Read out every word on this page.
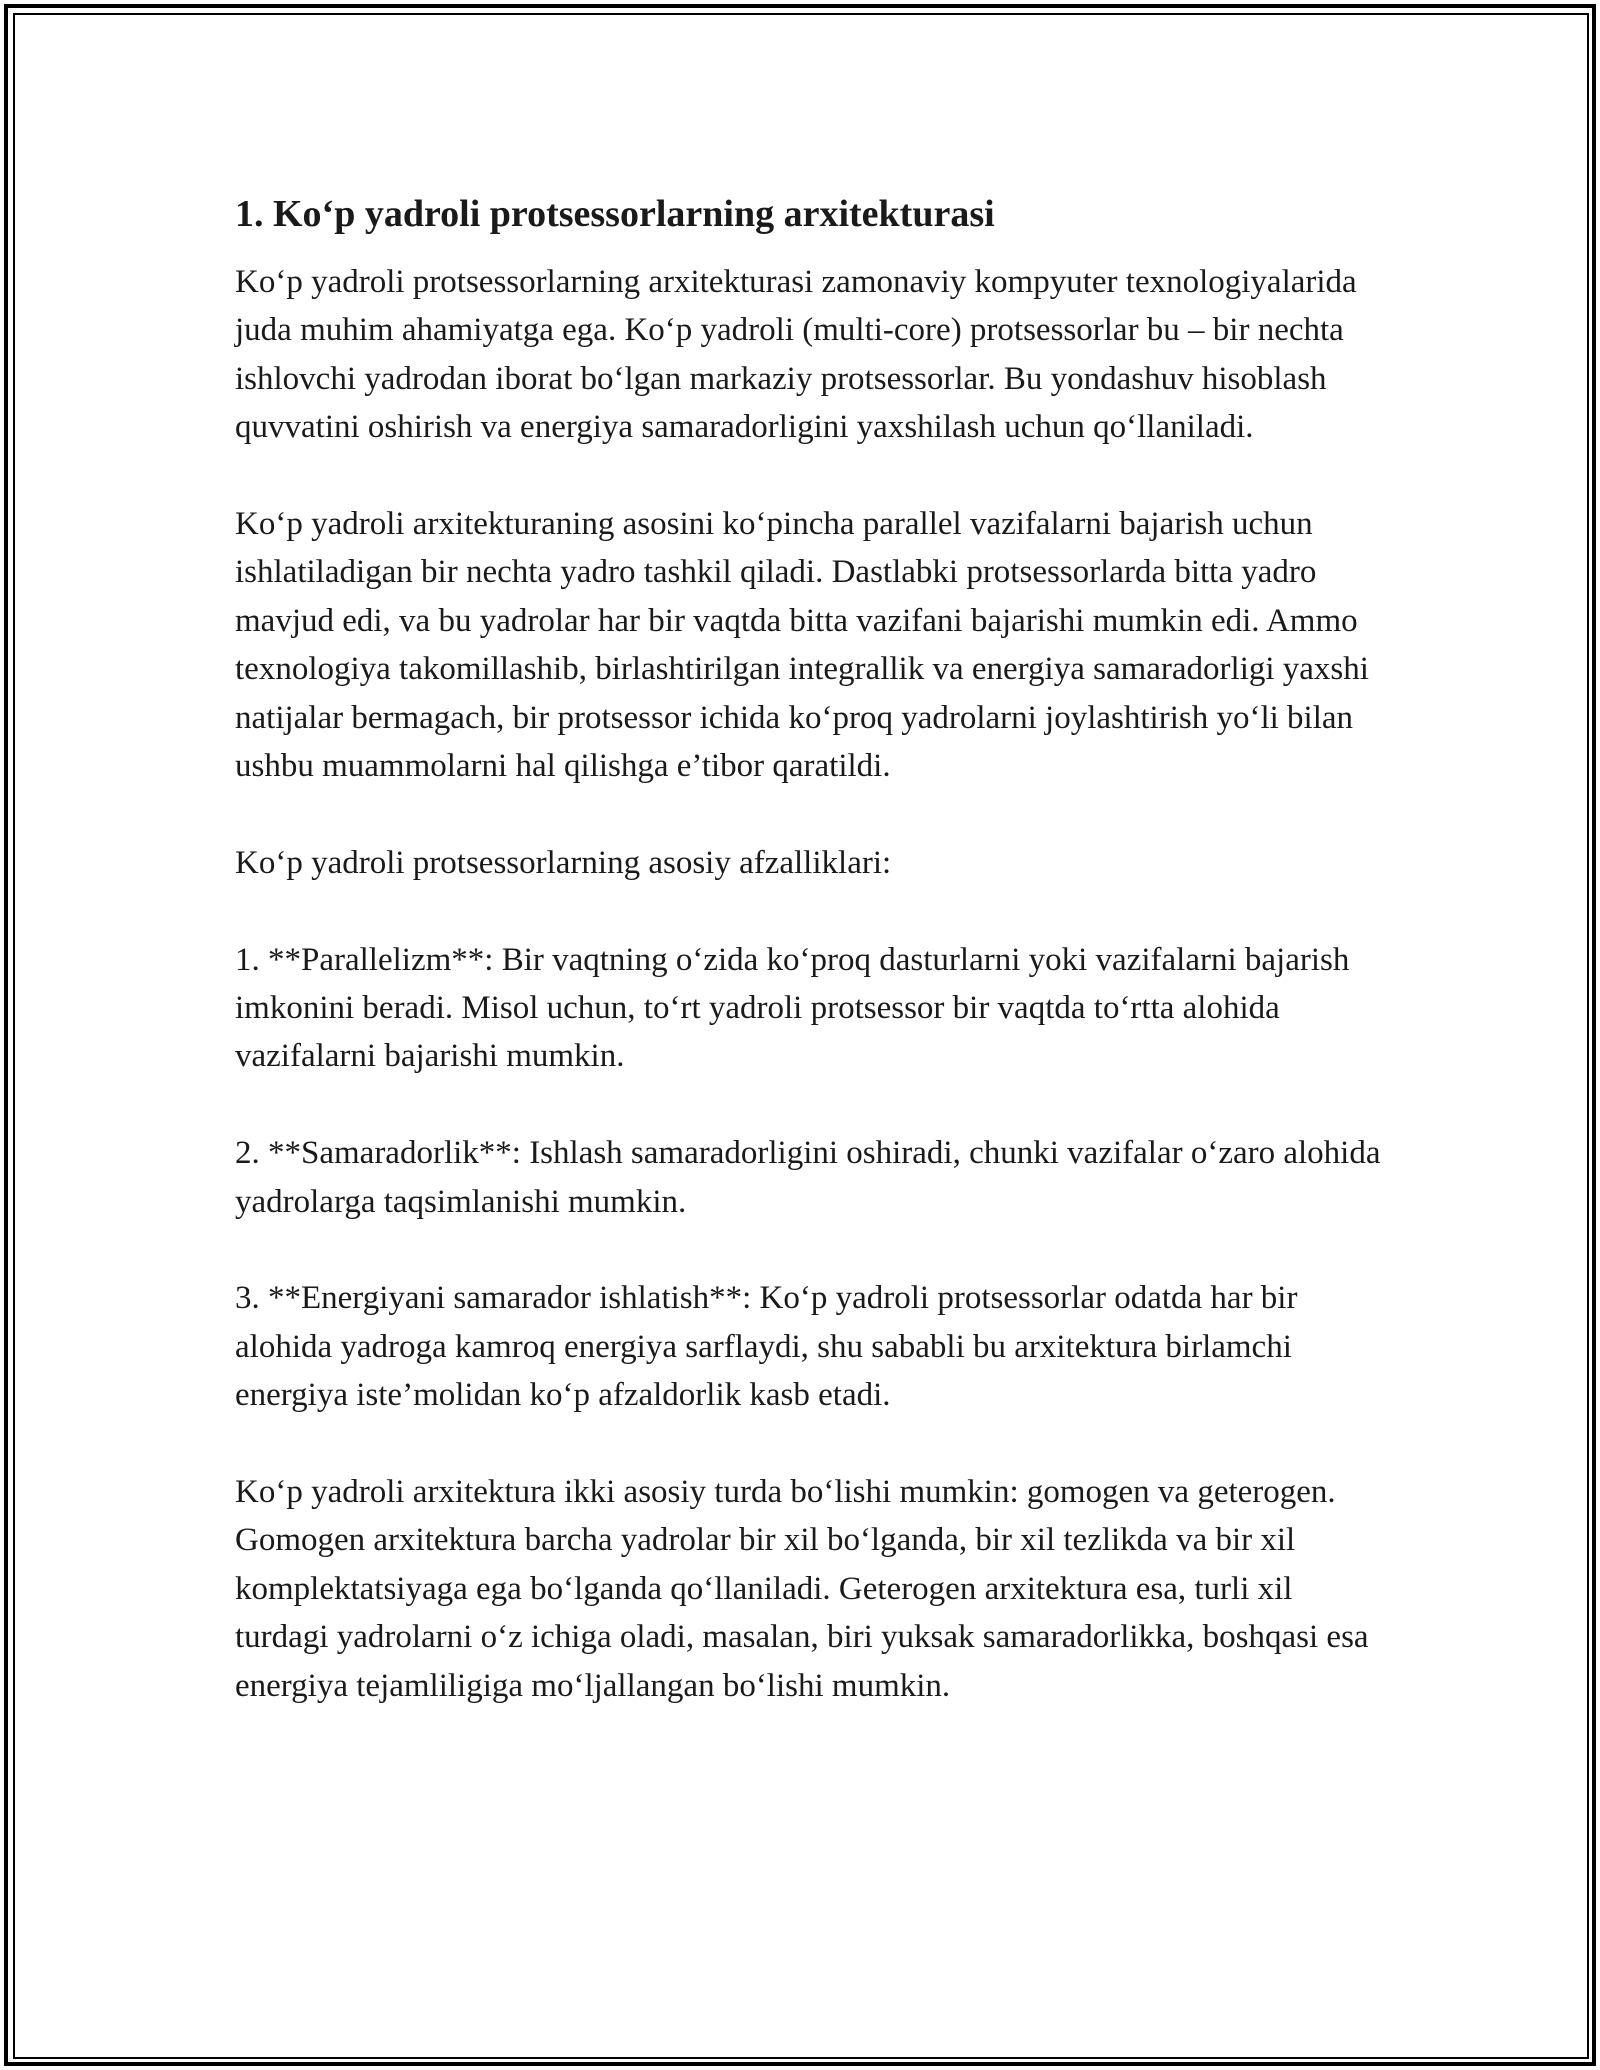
1. Ko‘p yadroli protsessorlarning arxitekturasi

Ko‘p yadroli protsessorlarning arxitekturasi zamonaviy kompyuter texnologiyalarida juda muhim ahamiyatga ega. Ko‘p yadroli (multi-core) protsessorlar bu – bir nechta ishlovchi yadrodan iborat bo‘lgan markaziy protsessorlar. Bu yondashuv hisoblash quvvatini oshirish va energiya samaradorligini yaxshilash uchun qo‘llaniladi.

Ko‘p yadroli arxitekturaning asosini ko‘pincha parallel vazifalarni bajarish uchun ishlatiladigan bir nechta yadro tashkil qiladi. Dastlabki protsessorlarda bitta yadro mavjud edi, va bu yadrolar har bir vaqtda bitta vazifani bajarishi mumkin edi. Ammo texnologiya takomillashib, birlashtirilgan integrallik va energiya samaradorligi yaxshi natijalar bermagach, bir protsessor ichida ko‘proq yadrolarni joylashtirish yo‘li bilan ushbu muammolarni hal qilishga e’tibor qaratildi.

Ko‘p yadroli protsessorlarning asosiy afzalliklari:

1. **Parallelizm**: Bir vaqtning o‘zida ko‘proq dasturlarni yoki vazifalarni bajarish imkonini beradi. Misol uchun, to‘rt yadroli protsessor bir vaqtda to‘rtta alohida vazifalarni bajarishi mumkin.

2. **Samaradorlik**: Ishlash samaradorligini oshiradi, chunki vazifalar o‘zaro alohida yadrolarga taqsimlanishi mumkin.

3. **Energiyani samarador ishlatish**: Ko‘p yadroli protsessorlar odatda har bir alohida yadroga kamroq energiya sarflaydi, shu sababli bu arxitektura birlamchi energiya iste’molidan ko‘p afzaldorlik kasb etadi.

Ko‘p yadroli arxitektura ikki asosiy turda bo‘lishi mumkin: gomogen va geterogen. Gomogen arxitektura barcha yadrolar bir xil bo‘lganda, bir xil tezlikda va bir xil komplektatsiyaga ega bo‘lganda qo‘llaniladi. Geterogen arxitektura esa, turli xil turdagi yadrolarni o‘z ichiga oladi, masalan, biri yuksak samaradorlikka, boshqasi esa energiya tejamliligiga mo‘ljallangan bo‘lishi mumkin.
